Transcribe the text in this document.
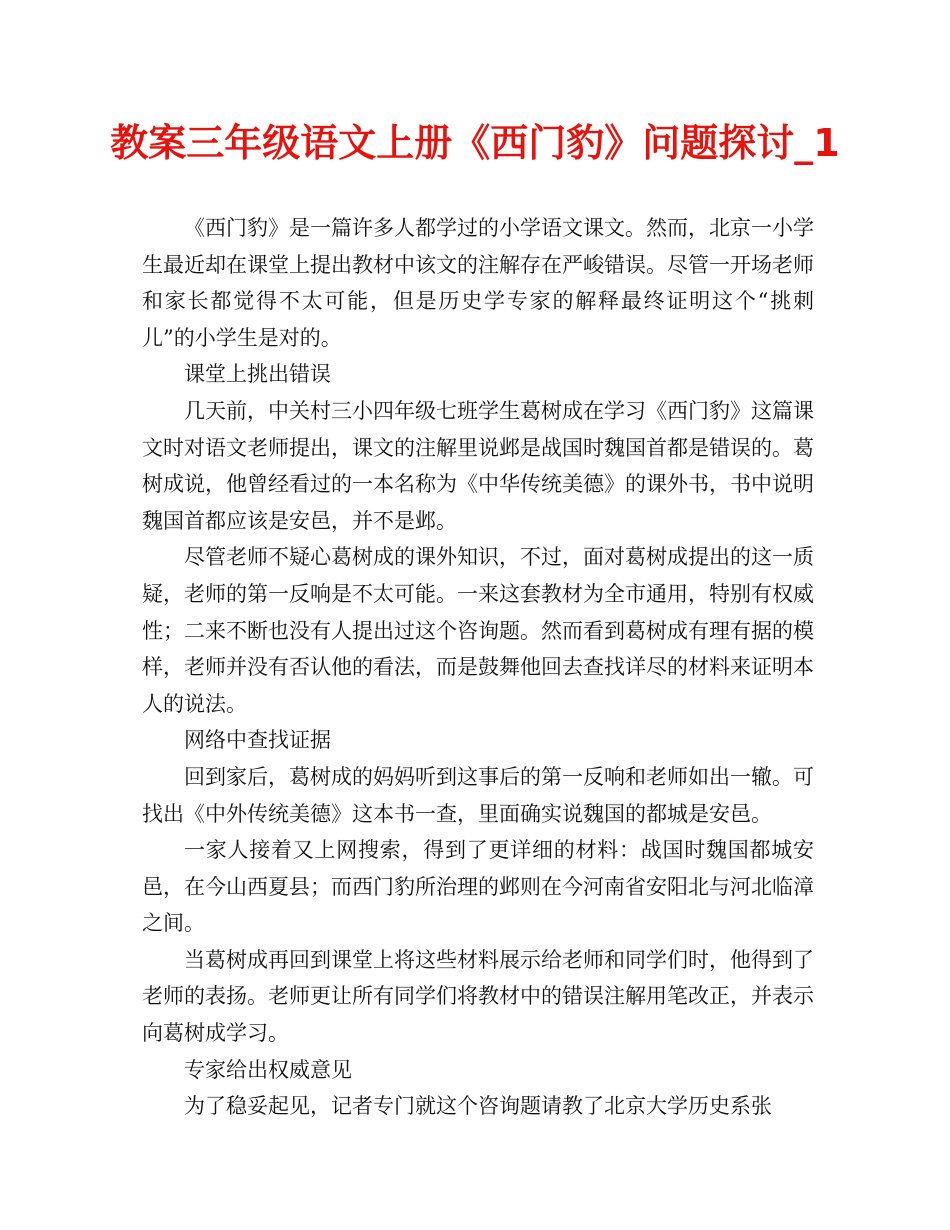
教案三年级语文上册《西门豹》问题探讨_1

《西门豹》是一篇许多人都学过的小学语文课文。然而，北京一小学生最近却在课堂上提出教材中该文的注解存在严峻错误。尽管一开场老师和家长都觉得不太可能，但是历史学专家的解释最终证明这个“挑刺儿”的小学生是对的。

课堂上挑出错误

几天前，中关村三小四年级七班学生葛树成在学习《西门豹》这篇课文时对语文老师提出，课文的注解里说邺是战国时魏国首都是错误的。葛树成说，他曾经看过的一本名称为《中华传统美德》的课外书，书中说明魏国首都应该是安邑，并不是邺。

尽管老师不疑心葛树成的课外知识，不过，面对葛树成提出的这一质疑，老师的第一反响是不太可能。一来这套教材为全市通用，特别有权威性；二来不断也没有人提出过这个咨询题。然而看到葛树成有理有据的模样，老师并没有否认他的看法，而是鼓舞他回去查找详尽的材料来证明本人的说法。

网络中查找证据

回到家后，葛树成的妈妈听到这事后的第一反响和老师如出一辙。可找出《中外传统美德》这本书一查，里面确实说魏国的都城是安邑。

一家人接着又上网搜索，得到了更详细的材料：战国时魏国都城安邑，在今山西夏县；而西门豹所治理的邺则在今河南省安阳北与河北临漳之间。

当葛树成再回到课堂上将这些材料展示给老师和同学们时，他得到了老师的表扬。老师更让所有同学们将教材中的错误注解用笔改正，并表示向葛树成学习。

专家给出权威意见

为了稳妥起见，记者专门就这个咨询题请教了北京大学历史系张
